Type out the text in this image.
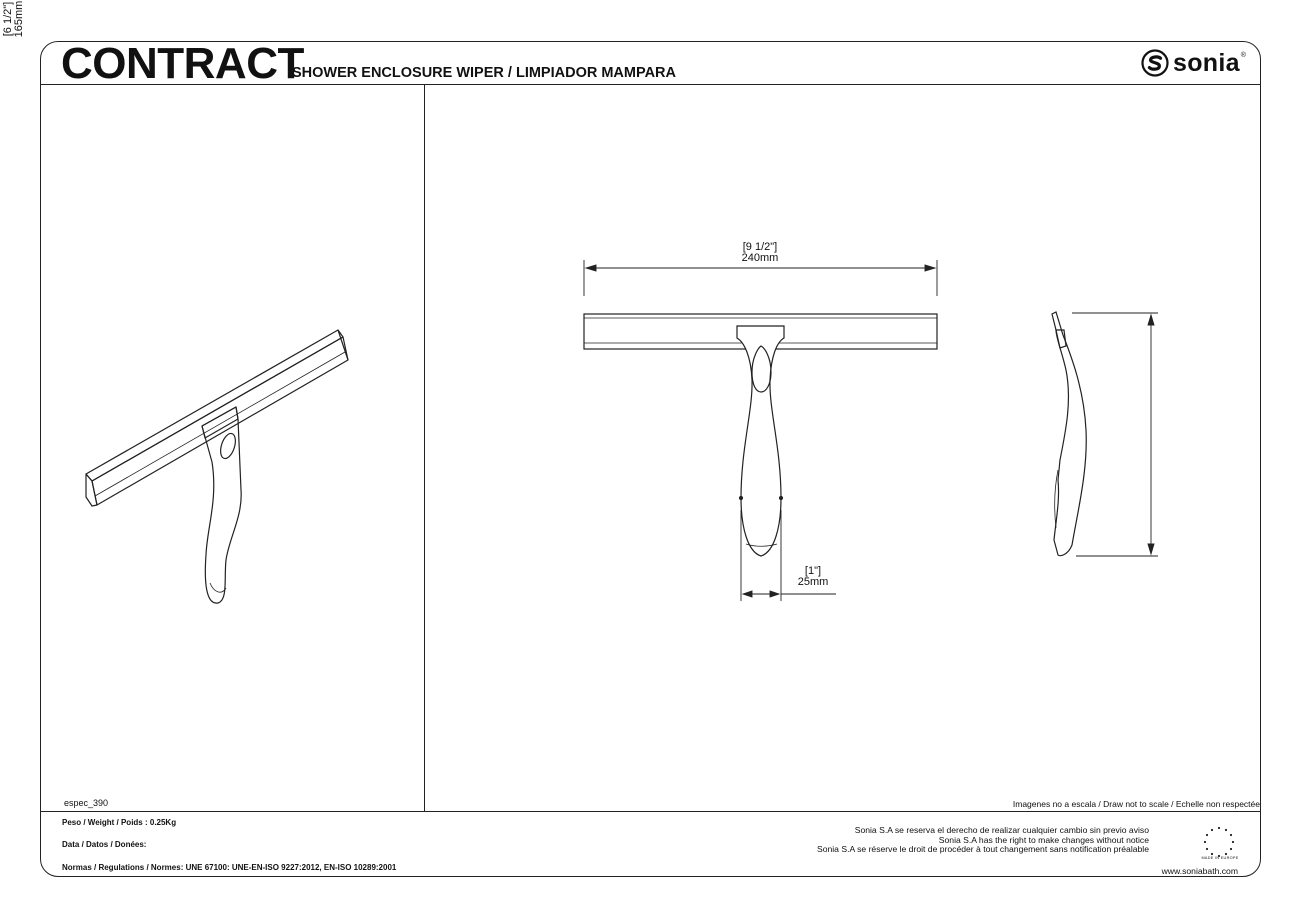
CONTRACT
SHOWER ENCLOSURE WIPER / LIMPIADOR MAMPARA	sonia ®
[9 1/2"]
240mm
[1"]
25mm
[6 1/2"] 165mm
espec_390	Imagenes no a escala / Draw not to scale / Echelle non respectée
Peso / Weight / Poids : 0.25Kg
Data / Datos / Donées:
Normas / Regulations / Normes: UNE 67100: UNE-EN-ISO 9227:2012, EN-ISO 10289:2001
Sonia S.A se reserva el derecho de realizar cualquier cambio sin previo aviso
Sonia S.A has the right to make changes without notice
Sonia S.A se réserve le droit de procéder à tout changement sans notification préalable
www.soniabath.com
MADE IN EUROPE
